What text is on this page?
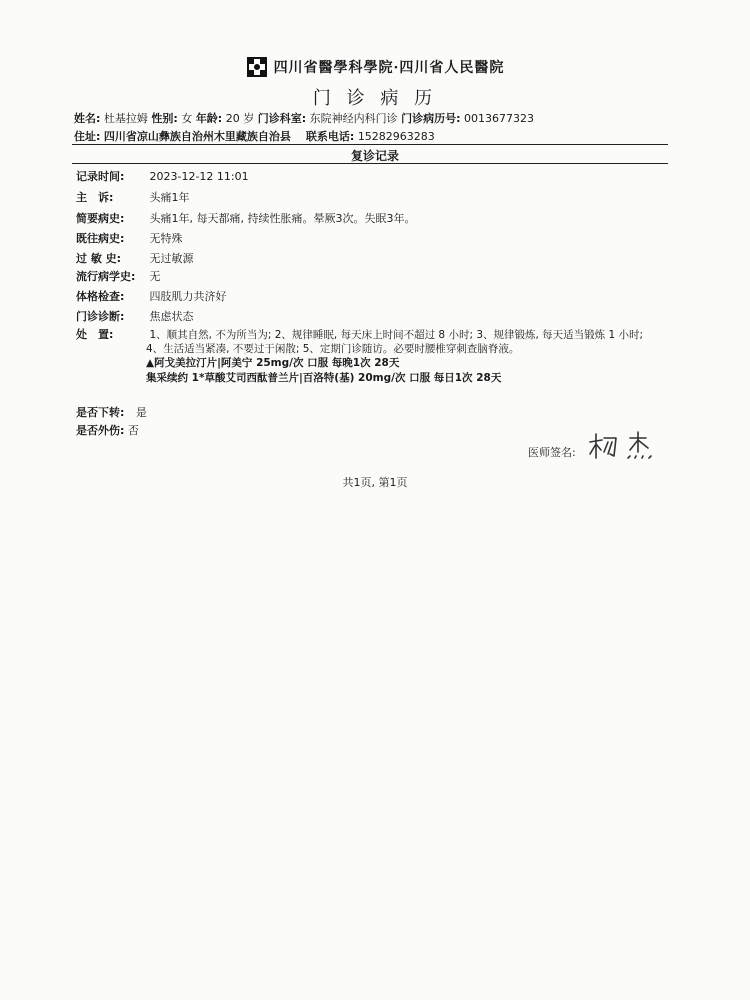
四川省醫學科學院·四川省人民醫院
门 诊 病 历
姓名: 杜基拉姆 性别: 女 年龄: 20 岁 门诊科室: 东院神经内科门诊 门诊病历号: 0013677323
住址: 四川省凉山彝族自治州木里藏族自治县 联系电话: 15282963283
复诊记录
记录时间: 2023-12-12 11:01
主　诉:	头痛1年
简要病史: 头痛1年, 每天都痛, 持续性胀痛。晕厥3次。失眠3年。
既往病史: 无特殊
过 敏 史:	无过敏源
流行病学史: 无
体格检查: 四肢肌力共济好
门诊诊断: 焦虑状态
处　置:	1、顺其自然, 不为所当为; 2、规律睡眠, 每天床上时间不超过 8 小时; 3、规律锻炼, 每天适当锻炼 1 小时;
4、生活适当紧凑, 不要过于闲散; 5、定期门诊随访。必要时腰椎穿刺查脑脊液。
▲阿戈美拉汀片|阿美宁 25mg/次 口服 每晚1次 28天
集采续约 1*草酸艾司西酞普兰片|百洛特(基) 20mg/次 口服 每日1次 28天
是否下转: 是
是否外伤: 否
医师签名:
共1页, 第1页
